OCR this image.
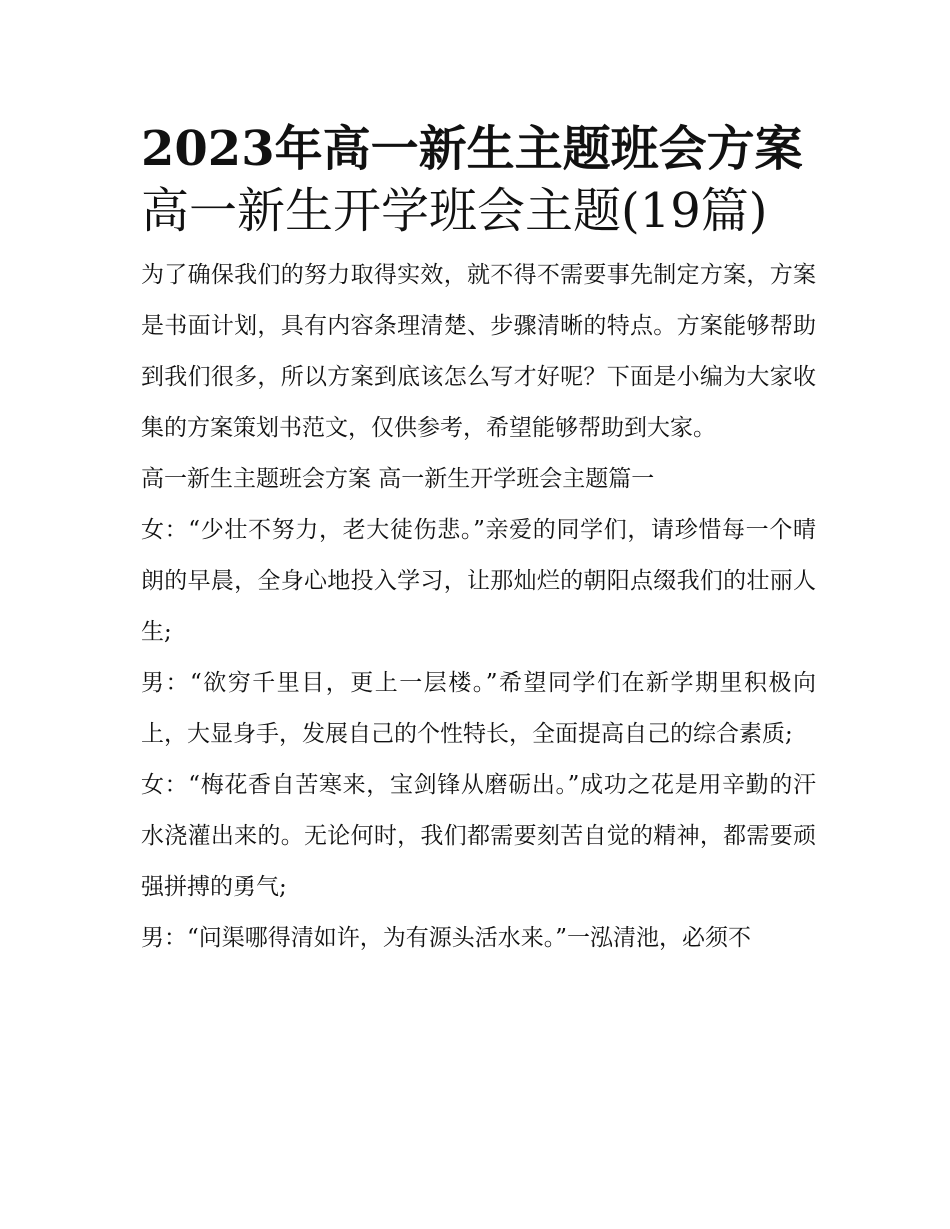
2023年高一新生主题班会方案
高一新生开学班会主题(19篇)

为了确保我们的努力取得实效，就不得不需要事先制定方案，方案是书面计划，具有内容条理清楚、步骤清晰的特点。方案能够帮助到我们很多，所以方案到底该怎么写才好呢？下面是小编为大家收集的方案策划书范文，仅供参考，希望能够帮助到大家。

高一新生主题班会方案 高一新生开学班会主题篇一

女：“少壮不努力，老大徒伤悲。”亲爱的同学们，请珍惜每一个晴朗的早晨，全身心地投入学习，让那灿烂的朝阳点缀我们的壮丽人生;

男：“欲穷千里目，更上一层楼。”希望同学们在新学期里积极向上，大显身手，发展自己的个性特长，全面提高自己的综合素质;

女：“梅花香自苦寒来，宝剑锋从磨砺出。”成功之花是用辛勤的汗水浇灌出来的。无论何时，我们都需要刻苦自觉的精神，都需要顽强拼搏的勇气;

男：“问渠哪得清如许，为有源头活水来。”一泓清池，必须不
